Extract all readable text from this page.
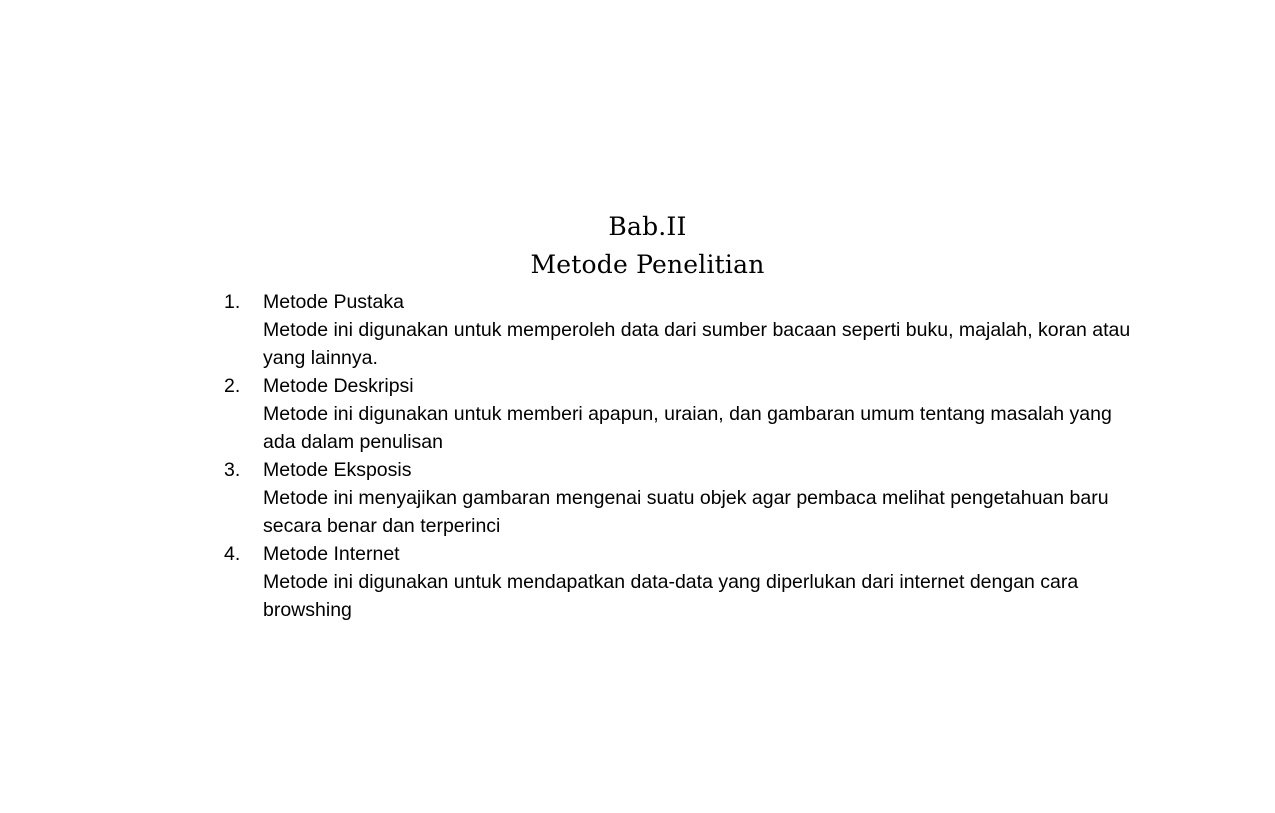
Bab.II
Metode Penelitian
1.	Metode Pustaka
Metode ini digunakan untuk memperoleh data dari sumber bacaan seperti buku, majalah, koran atau yang lainnya.
2.	Metode Deskripsi
Metode ini digunakan untuk memberi apapun, uraian, dan gambaran umum tentang masalah yang ada dalam penulisan
3.	Metode Eksposis
Metode ini menyajikan gambaran mengenai suatu objek agar pembaca melihat pengetahuan baru secara benar dan terperinci
4.	Metode Internet
Metode ini digunakan untuk mendapatkan data-data yang diperlukan dari internet dengan cara browshing
